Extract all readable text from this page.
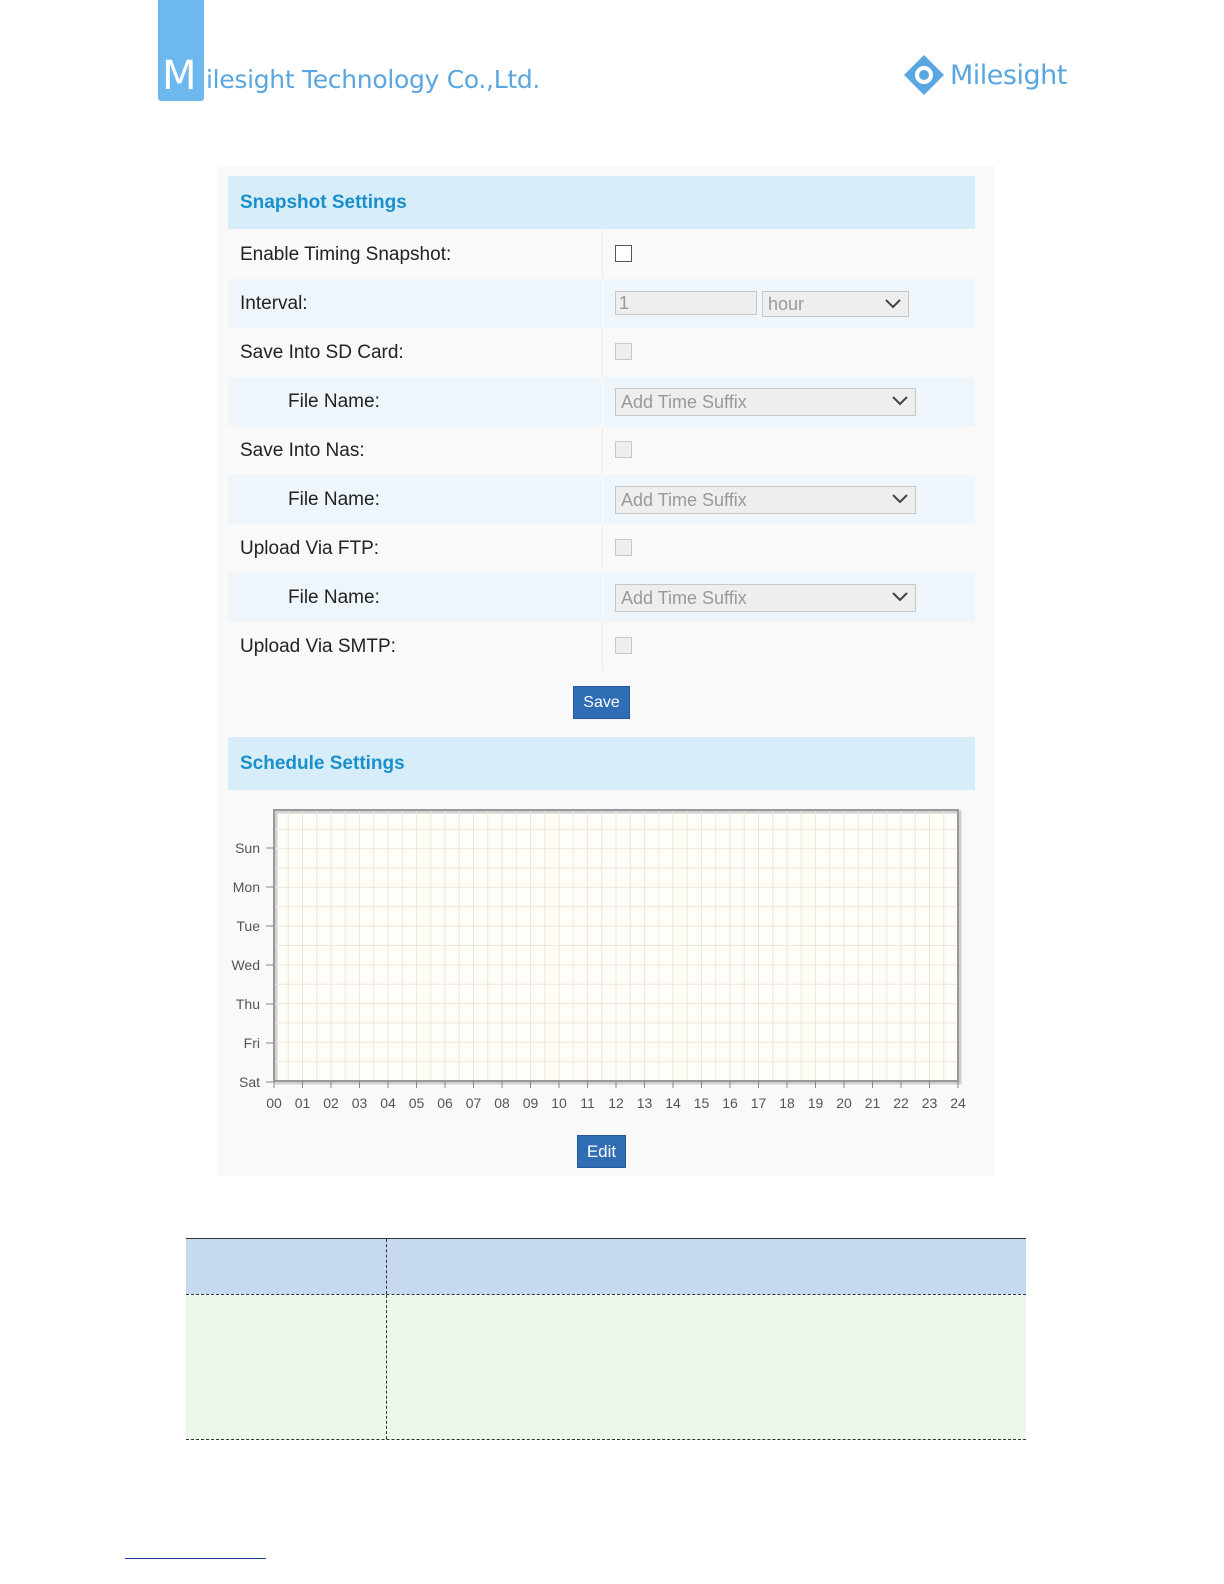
M ilesight Technology Co.,Ltd.	Milesight
Snapshot Settings
Enable Timing Snapshot:
Interval:	1	hour
Save Into SD Card:
File Name:	Add Time Suffix
Save Into Nas:
File Name:	Add Time Suffix
Upload Via FTP:
File Name:	Add Time Suffix
Upload Via SMTP:
Save
Schedule Settings
Sun
Mon
Tue
Wed
Thu
Fri
Sat
00 01 02 03 04 05 06 07 08 09 10 11 12 13 14 15 16 17 18 19 20 21 22 23 24
Edit
